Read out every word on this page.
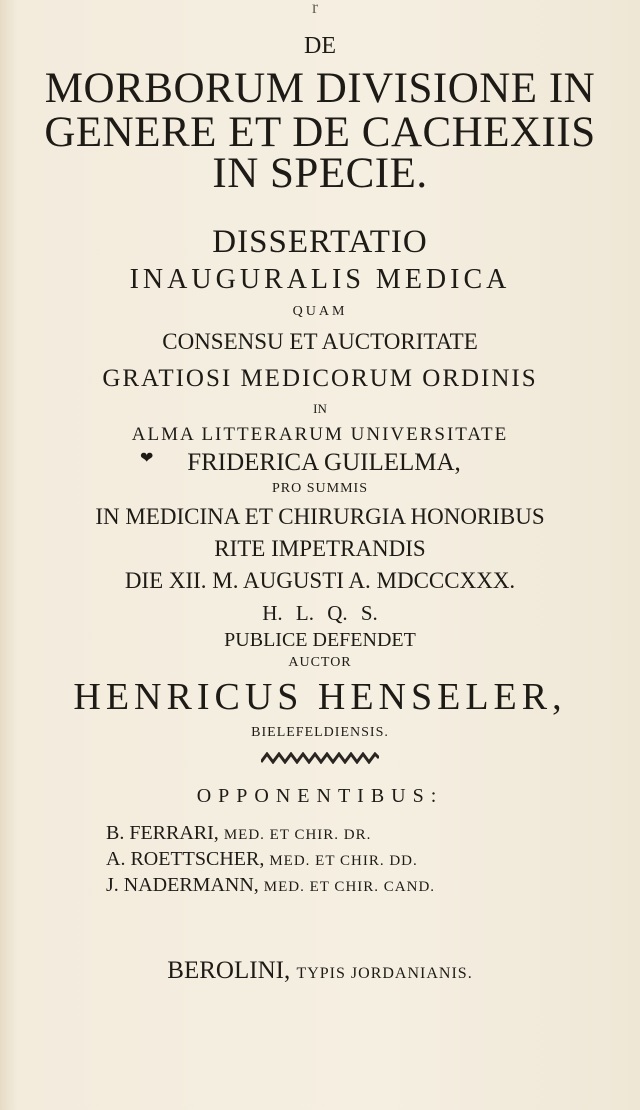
r
DE
MORBORUM DIVISIONE IN
GENERE ET DE CACHEXIIS
IN SPECIE.
DISSERTATIO
INAUGURALIS MEDICA
QUAM
CONSENSU ET AUCTORITATE
GRATIOSI MEDICORUM ORDINIS
IN
ALMA LITTERARUM UNIVERSITATE
❤	FRIDERICA GUILELMA,
PRO SUMMIS
IN MEDICINA ET CHIRURGIA HONORIBUS
RITE IMPETRANDIS
DIE XII. M. AUGUSTI A. MDCCCXXX.
H. L. Q. S.
PUBLICE DEFENDET
AUCTOR
HENRICUS HENSELER,
BIELEFELDIENSIS.
OPPONENTIBUS:
B. FERRARI, MED. ET CHIR. DR.
A. ROETTSCHER, MED. ET CHIR. DD.
J. NADERMANN, MED. ET CHIR. CAND.
BEROLINI, TYPIS JORDANIANIS.
